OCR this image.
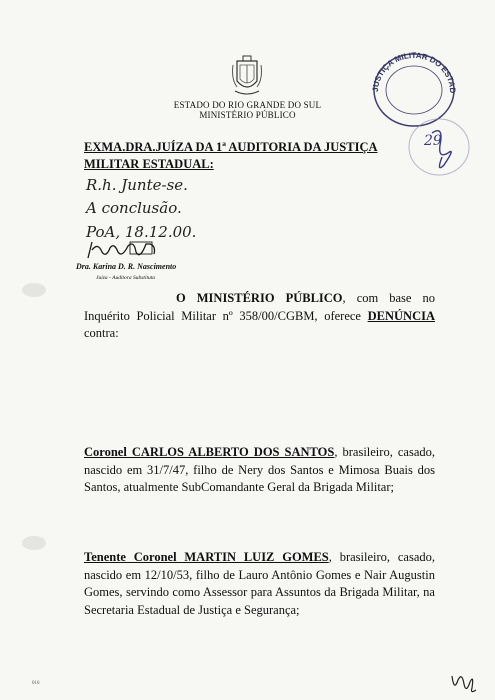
ESTADO DO RIO GRANDE DO SUL
MINISTÉRIO PÚBLICO
JUSTIÇA MILITAR DO ESTAD
29
EXMA.DRA.JUÍZA DA 1ª AUDITORIA DA JUSTIÇA MILITAR ESTADUAL:
R.h. Junte-se.
A conclusão.
PoA, 18.12.00.
Dra. Karina D. R. Nascimento
Juíza - Auditora Substituta
O MINISTÉRIO PÚBLICO, com base no Inquérito Policial Militar nº 358/00/CGBM, oferece DENÚNCIA contra:
Coronel CARLOS ALBERTO DOS SANTOS, brasileiro, casado, nascido em 31/7/47, filho de Nery dos Santos e Mimosa Buais dos Santos, atualmente SubComandante Geral da Brigada Militar;
Tenente Coronel MARTIN LUIZ GOMES, brasileiro, casado, nascido em 12/10/53, filho de Lauro Antônio Gomes e Nair Augustin Gomes, servindo como Assessor para Assuntos da Brigada Militar, na Secretaria Estadual de Justiça e Segurança;
016
